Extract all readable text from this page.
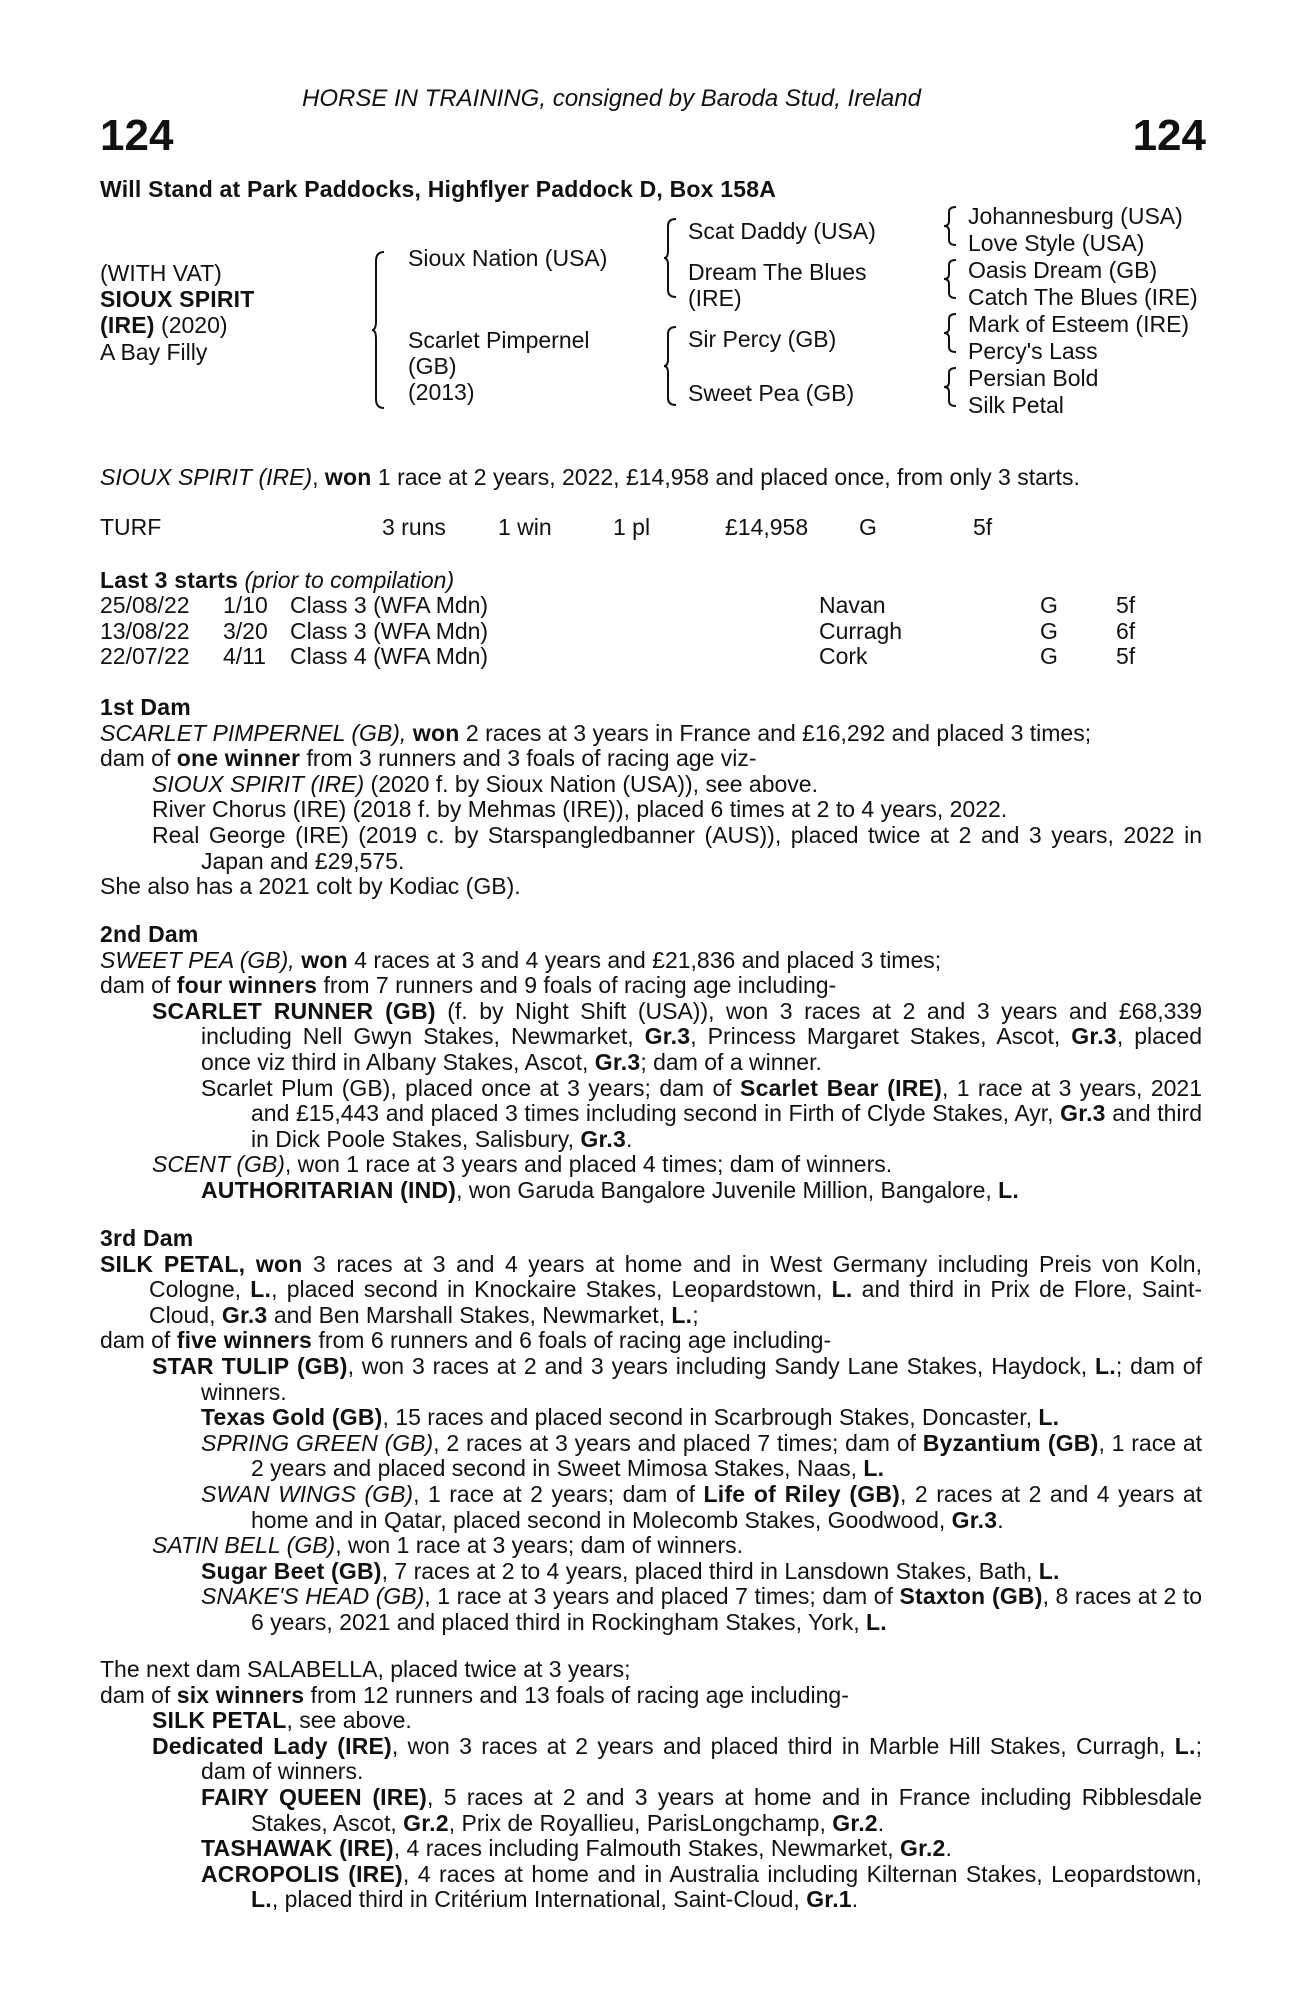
HORSE IN TRAINING, consigned by Baroda Stud, Ireland
124	124
Will Stand at Park Paddocks, Highflyer Paddock D, Box 158A
(WITH VAT)
SIOUX SPIRIT
(IRE) (2020)
A Bay Filly
Sioux Nation (USA)
Scarlet Pimpernel
(GB)
(2013)
Scat Daddy (USA)
Dream The Blues
(IRE)
Sir Percy (GB)
Sweet Pea (GB)
Johannesburg (USA)
Love Style (USA)
Oasis Dream (GB)
Catch The Blues (IRE)
Mark of Esteem (IRE)
Percy's Lass
Persian Bold
Silk Petal
SIOUX SPIRIT (IRE), won 1 race at 2 years, 2022, £14,958 and placed once, from only 3 starts.
TURF	3 runs 1 win	1 pl	£14,958 G	5f
Last 3 starts (prior to compilation)
25/08/22 1/10 Class 3 (WFA Mdn)	Navan	G	5f
13/08/22 3/20 Class 3 (WFA Mdn)	Curragh	G	6f
22/07/22 4/11 Class 4 (WFA Mdn)	Cork	G	5f

1st Dam

SCARLET PIMPERNEL (GB), won 2 races at 3 years in France and £16,292 and placed 3 times;

dam of one winner from 3 runners and 3 foals of racing age viz-

SIOUX SPIRIT (IRE) (2020 f. by Sioux Nation (USA)), see above.

River Chorus (IRE) (2018 f. by Mehmas (IRE)), placed 6 times at 2 to 4 years, 2022.

Real George (IRE) (2019 c. by Starspangledbanner (AUS)), placed twice at 2 and 3 years, 2022 in Japan and £29,575.

She also has a 2021 colt by Kodiac (GB).

2nd Dam

SWEET PEA (GB), won 4 races at 3 and 4 years and £21,836 and placed 3 times;

dam of four winners from 7 runners and 9 foals of racing age including-

SCARLET RUNNER (GB) (f. by Night Shift (USA)), won 3 races at 2 and 3 years and £68,339 including Nell Gwyn Stakes, Newmarket, Gr.3, Princess Margaret Stakes, Ascot, Gr.3, placed once viz third in Albany Stakes, Ascot, Gr.3; dam of a winner.

Scarlet Plum (GB), placed once at 3 years; dam of Scarlet Bear (IRE), 1 race at 3 years, 2021 and £15,443 and placed 3 times including second in Firth of Clyde Stakes, Ayr, Gr.3 and third in Dick Poole Stakes, Salisbury, Gr.3.

SCENT (GB), won 1 race at 3 years and placed 4 times; dam of winners.

AUTHORITARIAN (IND), won Garuda Bangalore Juvenile Million, Bangalore, L.

3rd Dam

SILK PETAL, won 3 races at 3 and 4 years at home and in West Germany including Preis von Koln, Cologne, L., placed second in Knockaire Stakes, Leopardstown, L. and third in Prix de Flore, Saint-Cloud, Gr.3 and Ben Marshall Stakes, Newmarket, L.;

dam of five winners from 6 runners and 6 foals of racing age including-

STAR TULIP (GB), won 3 races at 2 and 3 years including Sandy Lane Stakes, Haydock, L.; dam of winners.

Texas Gold (GB), 15 races and placed second in Scarbrough Stakes, Doncaster, L.

SPRING GREEN (GB), 2 races at 3 years and placed 7 times; dam of Byzantium (GB), 1 race at 2 years and placed second in Sweet Mimosa Stakes, Naas, L.

SWAN WINGS (GB), 1 race at 2 years; dam of Life of Riley (GB), 2 races at 2 and 4 years at home and in Qatar, placed second in Molecomb Stakes, Goodwood, Gr.3.

SATIN BELL (GB), won 1 race at 3 years; dam of winners.

Sugar Beet (GB), 7 races at 2 to 4 years, placed third in Lansdown Stakes, Bath, L.

SNAKE'S HEAD (GB), 1 race at 3 years and placed 7 times; dam of Staxton (GB), 8 races at 2 to 6 years, 2021 and placed third in Rockingham Stakes, York, L.

The next dam SALABELLA, placed twice at 3 years;

dam of six winners from 12 runners and 13 foals of racing age including-

SILK PETAL, see above.

Dedicated Lady (IRE), won 3 races at 2 years and placed third in Marble Hill Stakes, Curragh, L.; dam of winners.

FAIRY QUEEN (IRE), 5 races at 2 and 3 years at home and in France including Ribblesdale Stakes, Ascot, Gr.2, Prix de Royallieu, ParisLongchamp, Gr.2.

TASHAWAK (IRE), 4 races including Falmouth Stakes, Newmarket, Gr.2.

ACROPOLIS (IRE), 4 races at home and in Australia including Kilternan Stakes, Leopardstown, L., placed third in Critérium International, Saint-Cloud, Gr.1.
